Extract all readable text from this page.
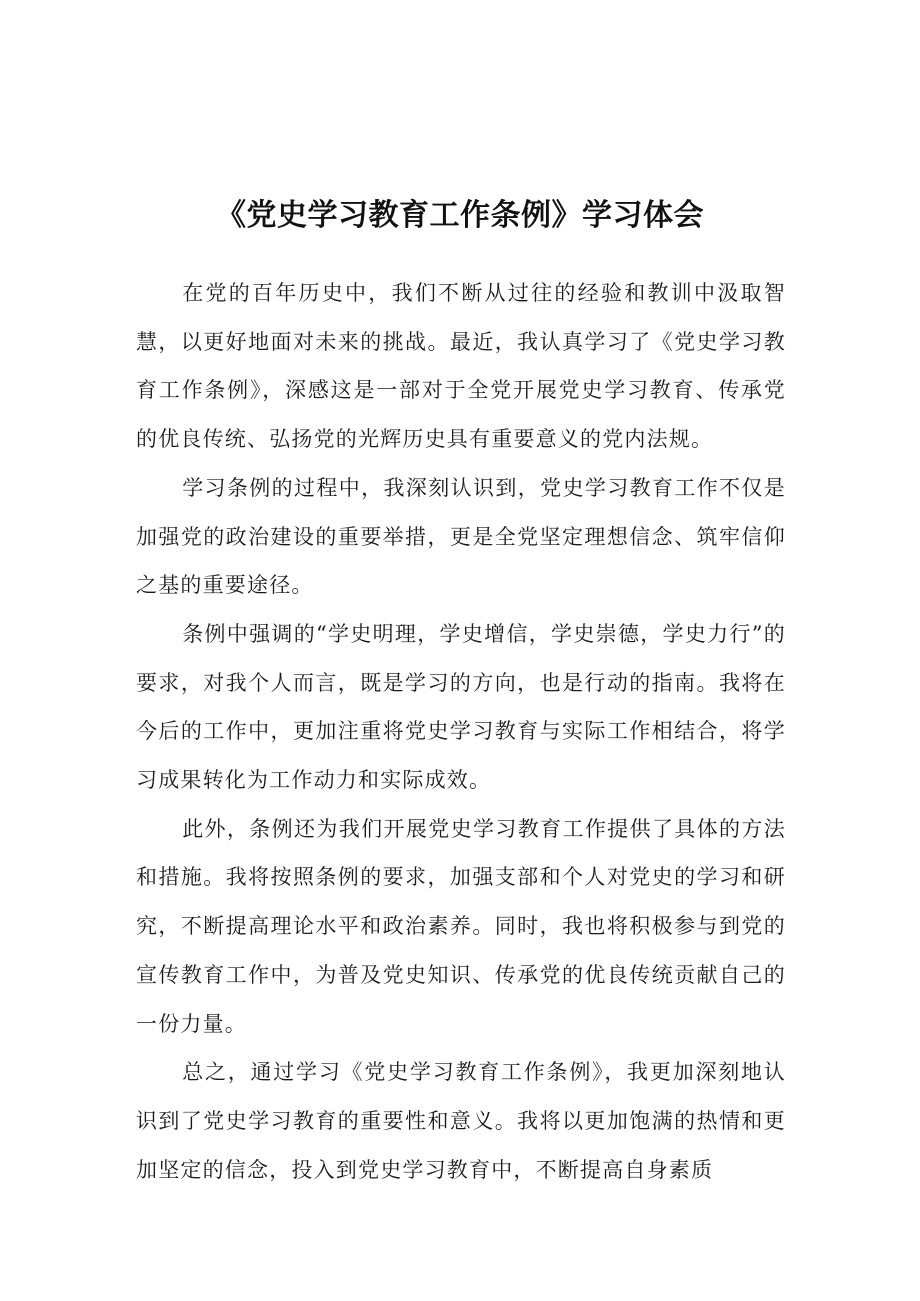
《党史学习教育工作条例》学习体会

在党的百年历史中，我们不断从过往的经验和教训中汲取智慧，以更好地面对未来的挑战。最近，我认真学习了《党史学习教育工作条例》，深感这是一部对于全党开展党史学习教育、传承党的优良传统、弘扬党的光辉历史具有重要意义的党内法规。

学习条例的过程中，我深刻认识到，党史学习教育工作不仅是加强党的政治建设的重要举措，更是全党坚定理想信念、筑牢信仰之基的重要途径。

条例中强调的“学史明理，学史增信，学史崇德，学史力行”的要求，对我个人而言，既是学习的方向，也是行动的指南。我将在今后的工作中，更加注重将党史学习教育与实际工作相结合，将学习成果转化为工作动力和实际成效。

此外，条例还为我们开展党史学习教育工作提供了具体的方法和措施。我将按照条例的要求，加强支部和个人对党史的学习和研究，不断提高理论水平和政治素养。同时，我也将积极参与到党的宣传教育工作中，为普及党史知识、传承党的优良传统贡献自己的一份力量。

总之，通过学习《党史学习教育工作条例》，我更加深刻地认识到了党史学习教育的重要性和意义。我将以更加饱满的热情和更加坚定的信念，投入到党史学习教育中，不断提高自身素质
